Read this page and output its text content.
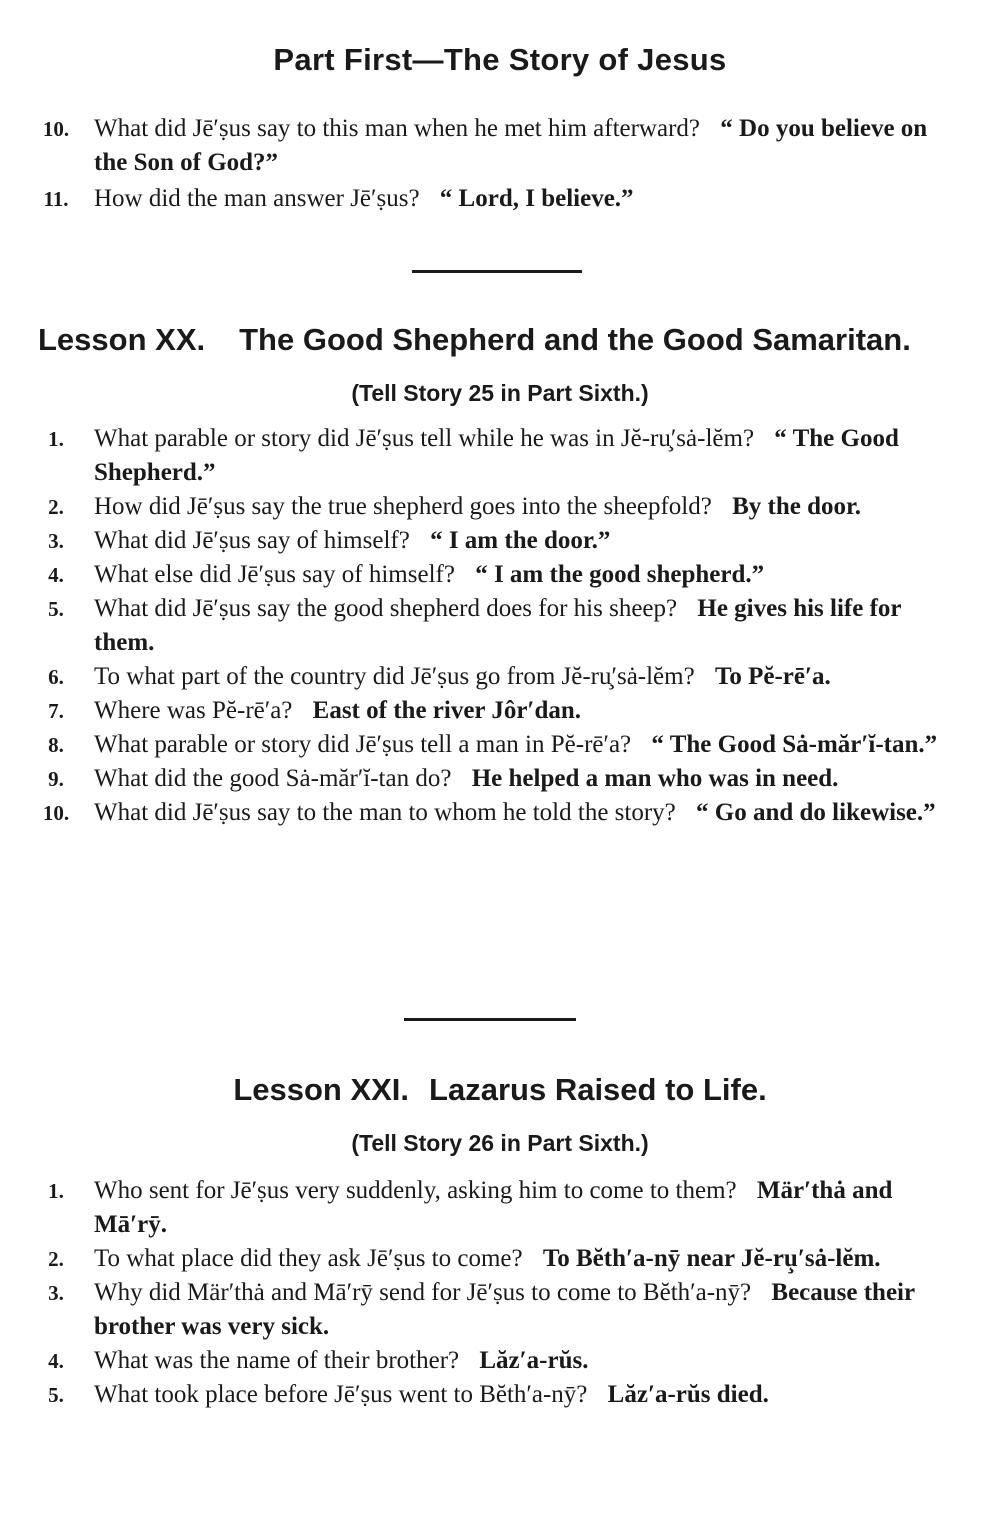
Part First—The Story of Jesus
10. What did Jē′ṣus say to this man when he met him afterward? “ Do you believe on the Son of God?”
11.	How did the man answer Jē′ṣus? “ Lord, I believe.”
Lesson XX. The Good Shepherd and the Good Samaritan.
(Tell Story 25 in Part Sixth.)
1.	What parable or story did Jē′ṣus tell while he was in Jĕ-ru̧′sȧ-lĕm? “ The Good Shepherd.”
2.	How did Jē′ṣus say the true shepherd goes into the sheepfold? By the door.
3.	What did Jē′ṣus say of himself? “ I am the door.”
4.	What else did Jē′ṣus say of himself? “ I am the good shepherd.”
5.	What did Jē′ṣus say the good shepherd does for his sheep? He gives his life for them.
6.	To what part of the country did Jē′ṣus go from Jĕ-ru̧′sȧ-lĕm? To Pĕ-rē′a.
7.	Where was Pĕ-rē′a? East of the river Jôr′dan.
8.	What parable or story did Jē′ṣus tell a man in Pĕ-rē′a? “ The Good Sȧ-măr′ĭ-tan.”
9.	What did the good Sȧ-măr′ĭ-tan do? He helped a man who was in need.
10. What did Jē′ṣus say to the man to whom he told the story? “ Go and do likewise.”
Lesson XXI. Lazarus Raised to Life.
(Tell Story 26 in Part Sixth.)
1.	Who sent for Jē′ṣus very suddenly, asking him to come to them? Mär′thȧ and Mā′rȳ.
2.	To what place did they ask Jē′ṣus to come? To Bĕth′a-nȳ near Jĕ-ru̧′sȧ-lĕm.
3.	Why did Mär′thȧ and Mā′rȳ send for Jē′ṣus to come to Bĕth′a-nȳ? Because their brother was very sick.
4.	What was the name of their brother? Lăz′a-rŭs.
5.	What took place before Jē′ṣus went to Bĕth′a-nȳ? Lăz′a-rŭs died.
